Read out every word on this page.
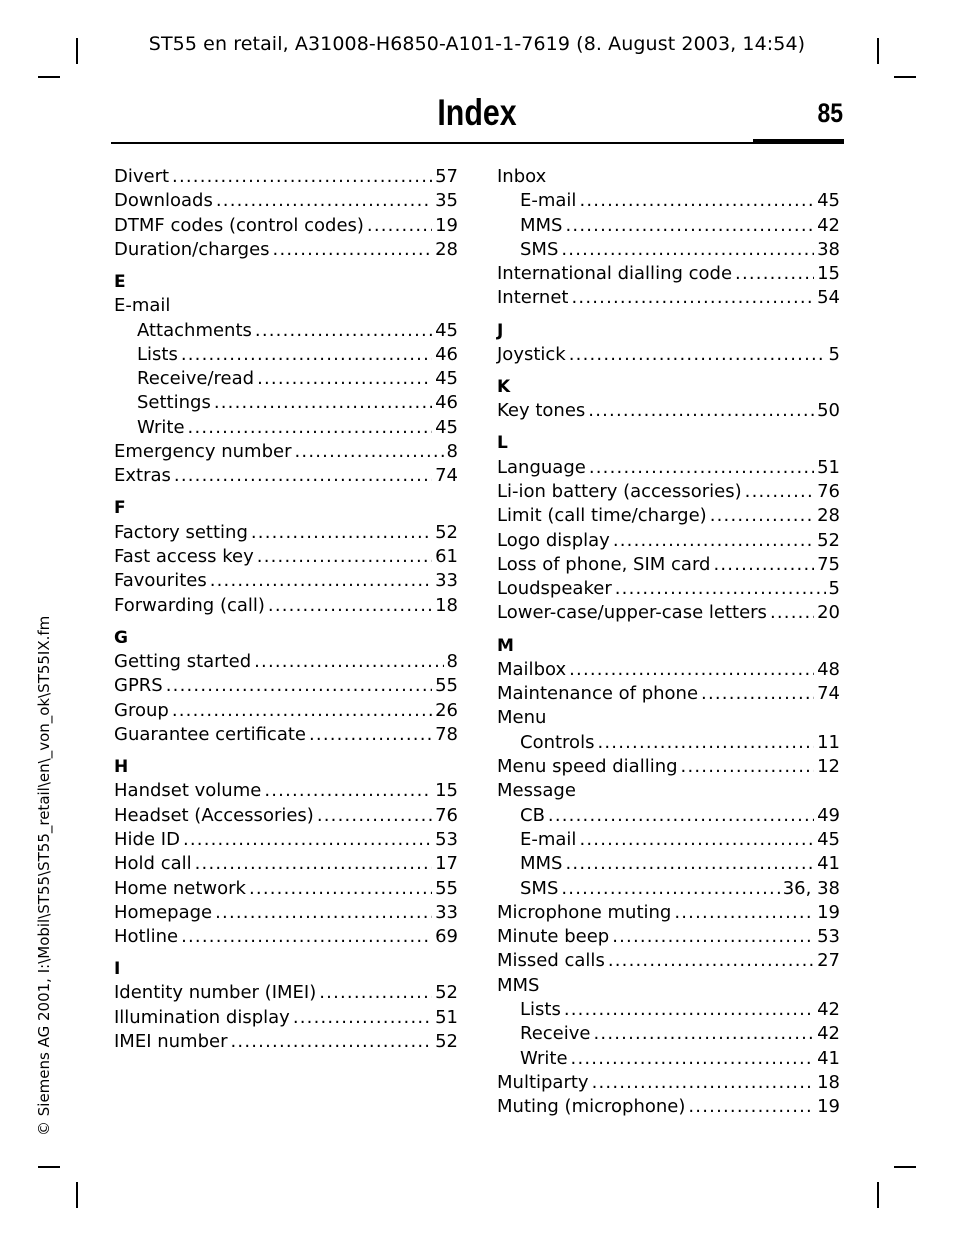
ST55 en retail, A31008-H6850-A101-1-7619 (8. August 2003, 14:54)
© Siemens AG 2001, I:\Mobil\ST55\ST55_retail\en\_von_ok\ST55IX.fm
Index	85
Divert .....	57
Downloads .....	35
DTMF codes (control codes) .....	19
Duration/charges .....	28
E
E-mail
Attachments .....	45
Lists .....	46
Receive/read .....	45
Settings .....	46
Write .....	45
Emergency number .....	8
Extras .....	74
F
Factory setting .....	52
Fast access key .....	61
Favourites .....	33
Forwarding (call) .....	18
G
Getting started .....	8
GPRS .....	55
Group .....	26
Guarantee certificate .....	78
H
Handset volume .....	15
Headset (Accessories) .....	76
Hide ID .....	53
Hold call .....	17
Home network .....	55
Homepage .....	33
Hotline .....	69
I
Identity number (IMEI) .....	52
Illumination display .....	51
IMEI number .....	52
Inbox
E-mail .....	45
MMS .....	42
SMS .....	38
International dialling code .....	15
Internet .....	54
J
Joystick .....	5
K
Key tones .....	50
L
Language .....	51
Li-ion battery (accessories) .....	76
Limit (call time/charge) .....	28
Logo display .....	52
Loss of phone, SIM card .....	75
Loudspeaker .....	5
Lower-case/upper-case letters .....	20
M
Mailbox .....	48
Maintenance of phone .....	74
Menu
Controls .....	11
Menu speed dialling .....	12
Message
CB .....	49
E-mail .....	45
MMS .....	41
SMS .....	36, 38
Microphone muting .....	19
Minute beep .....	53
Missed calls .....	27
MMS
Lists .....	42
Receive .....	42
Write .....	41
Multiparty .....	18
Muting (microphone) .....	19
